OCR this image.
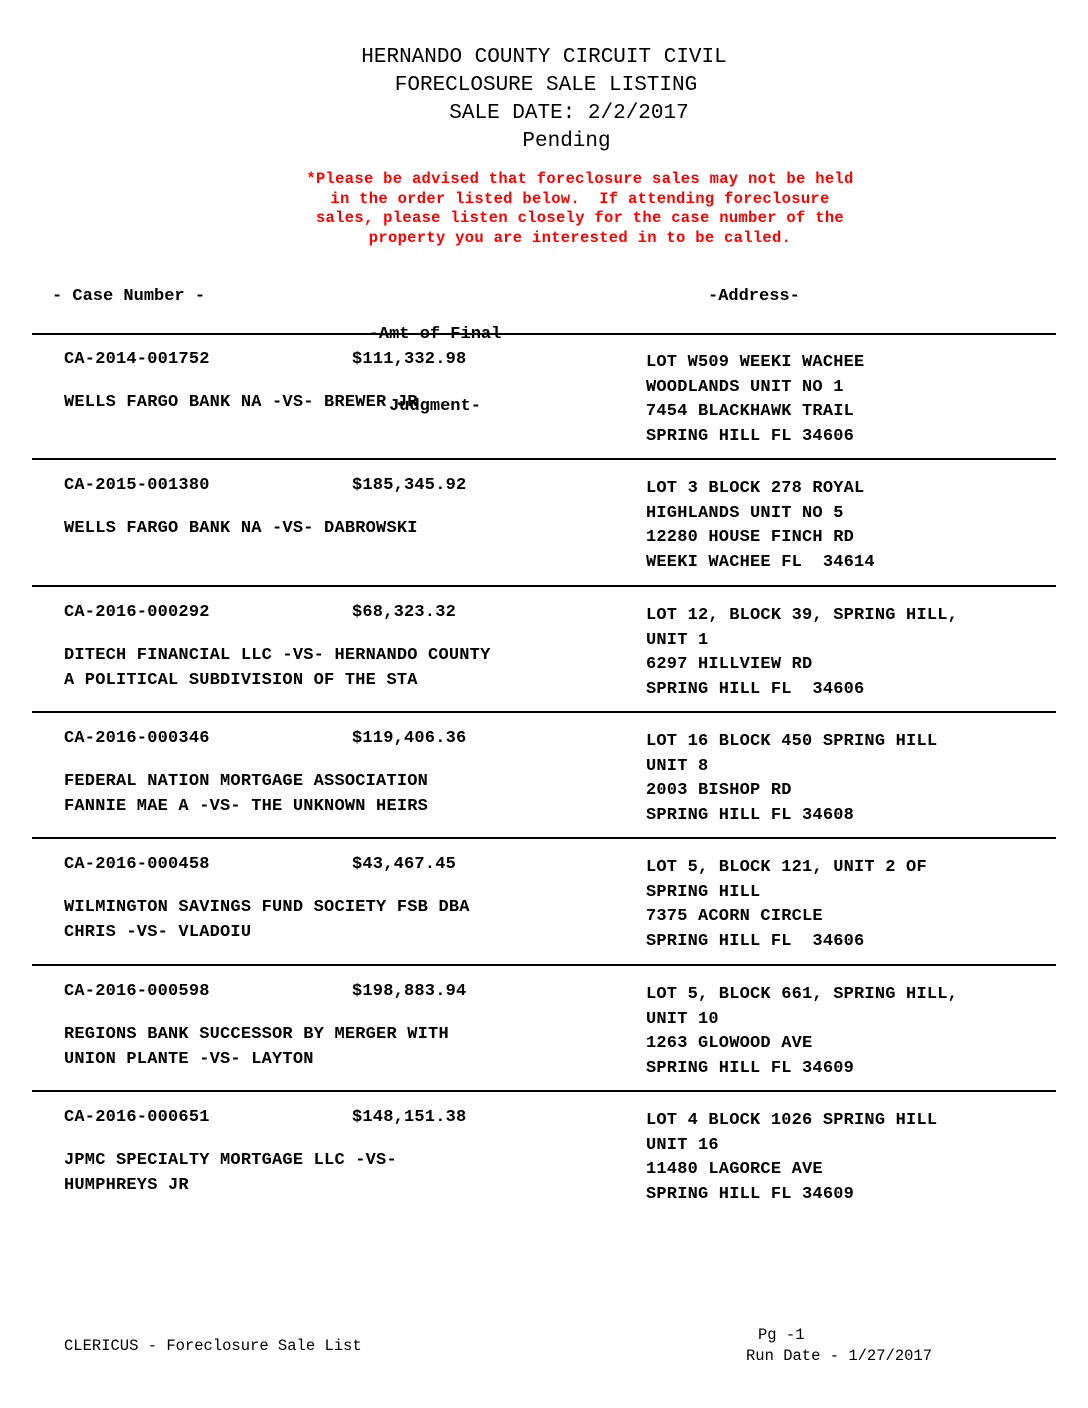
HERNANDO COUNTY CIRCUIT CIVIL
FORECLOSURE SALE LISTING
SALE DATE: 2/2/2017
Pending
*Please be advised that foreclosure sales may not be held
in the order listed below.  If attending foreclosure
sales, please listen closely for the case number of the
property you are interested in to be called.
- Case Number -

-Amt of Final

Judgment-

-Address-
CA-2014-001752	$111,332.98
WELLS FARGO BANK NA -VS- BREWER JR
LOT W509 WEEKI WACHEE
WOODLANDS UNIT NO 1
7454 BLACKHAWK TRAIL
SPRING HILL FL 34606
CA-2015-001380	$185,345.92
WELLS FARGO BANK NA -VS- DABROWSKI
LOT 3 BLOCK 278 ROYAL
HIGHLANDS UNIT NO 5
12280 HOUSE FINCH RD
WEEKI WACHEE FL  34614
CA-2016-000292	$68,323.32
DITECH FINANCIAL LLC -VS- HERNANDO COUNTY
A POLITICAL SUBDIVISION OF THE STA
LOT 12, BLOCK 39, SPRING HILL,
UNIT 1
6297 HILLVIEW RD
SPRING HILL FL  34606
CA-2016-000346	$119,406.36
FEDERAL NATION MORTGAGE ASSOCIATION
FANNIE MAE A -VS- THE UNKNOWN HEIRS
LOT 16 BLOCK 450 SPRING HILL
UNIT 8
2003 BISHOP RD
SPRING HILL FL 34608
CA-2016-000458	$43,467.45
WILMINGTON SAVINGS FUND SOCIETY FSB DBA
CHRIS -VS- VLADOIU
LOT 5, BLOCK 121, UNIT 2 OF
SPRING HILL
7375 ACORN CIRCLE
SPRING HILL FL  34606
CA-2016-000598	$198,883.94
REGIONS BANK SUCCESSOR BY MERGER WITH
UNION PLANTE -VS- LAYTON
LOT 5, BLOCK 661, SPRING HILL,
UNIT 10
1263 GLOWOOD AVE
SPRING HILL FL 34609
CA-2016-000651	$148,151.38
JPMC SPECIALTY MORTGAGE LLC -VS-
HUMPHREYS JR
LOT 4 BLOCK 1026 SPRING HILL
UNIT 16
11480 LAGORCE AVE
SPRING HILL FL 34609
CLERICUS - Foreclosure Sale List
Pg -1
Run Date - 1/27/2017
